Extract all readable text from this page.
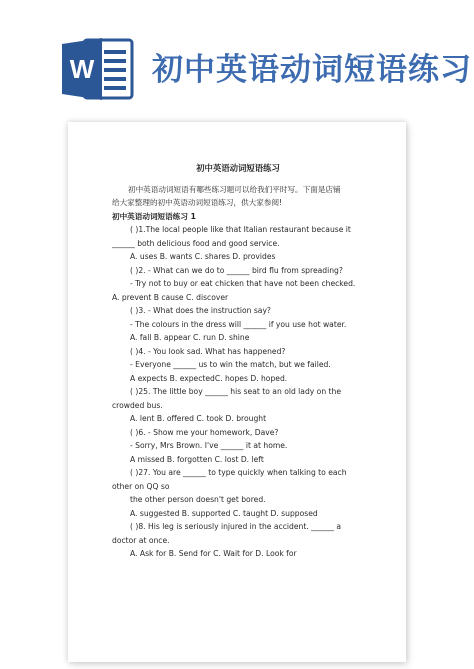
W 初中英语动词短语练习
初中英语动词短语练习
初中英语动词短语有哪些练习题可以给我们平时写。下面是店铺
给大家整理的初中英语动词短语练习，供大家参阅!
初中英语动词短语练习 1
( )1.The local people like that Italian restaurant because it
______ both delicious food and good service.
A. uses B. wants C. shares D. provides
( )2. - What can we do to ______ bird flu from spreading?
- Try not to buy or eat chicken that have not been checked.
A. prevent B cause C. discover
( )3. - What does the instruction say?
- The colours in the dress will ______ if you use hot water.
A. fall B. appear C. run D. shine
( )4. - You look sad. What has happened?
- Everyone ______ us to win the match, but we failed.
A expects B. expectedC. hopes D. hoped.
( )25. The little boy ______ his seat to an old lady on the
crowded bus.
A. lent B. offered C. took D. brought
( )6. - Show me your homework, Dave?
- Sorry, Mrs Brown. I've ______ it at home.
A missed B. forgotten C. lost D. left
( )27. You are ______ to type quickly when talking to each
other on QQ so
the other person doesn't get bored.
A. suggested B. supported C. taught D. supposed
( )8. His leg is seriously injured in the accident. ______ a
doctor at once.
A. Ask for B. Send for C. Wait for D. Look for
